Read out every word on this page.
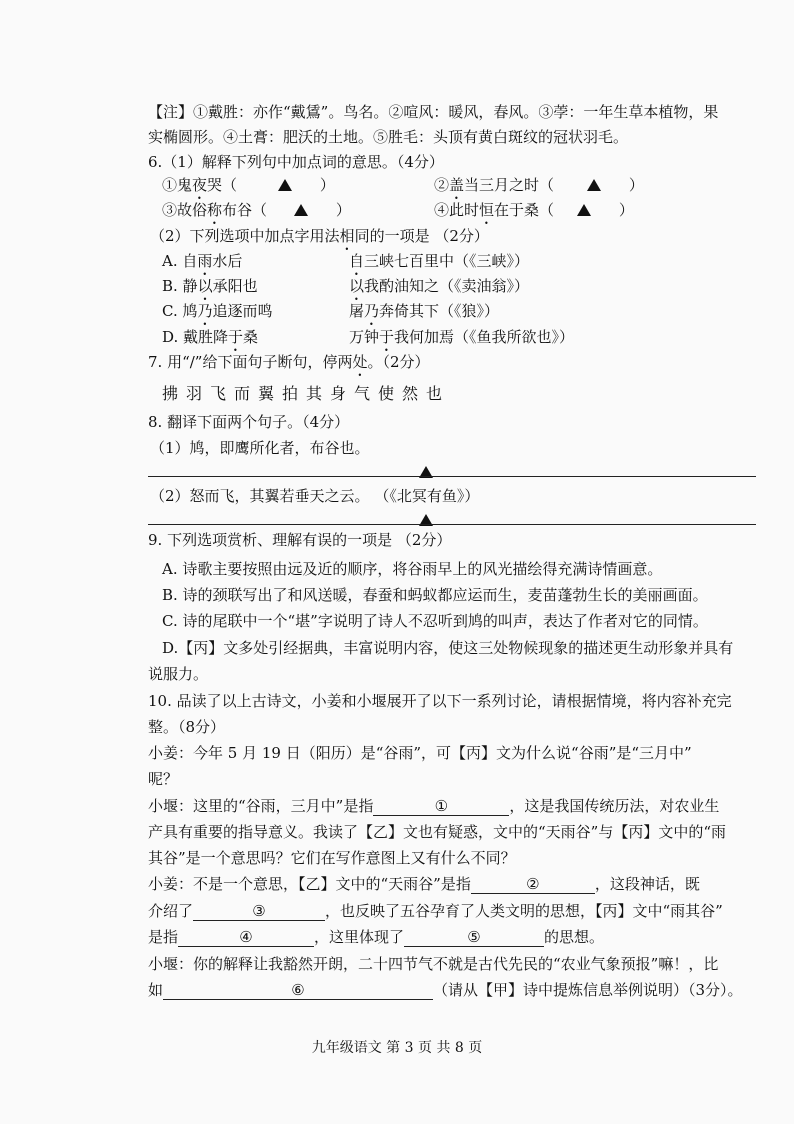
【注】①戴胜：亦作“戴鵀”。鸟名。②喧风：暖风，春风。③荸：一年生草本植物，果
实椭圆形。④土膏：肥沃的土地。⑤胜毛：头顶有黄白斑纹的冠状羽毛。
6.（1）解释下列句中加点词的意思。（4分）
①鬼夜哭（	）	②盖当三月之时（	）
③故俗称布谷（	）	④此时恒在于桑（	）
（2）下列选项中加点字用法相同的一项是 （2分）
A. 自雨水后	自三峡七百里中（《三峡》）
B. 静以承阳也	以我酌油知之（《卖油翁》）
C. 鸠乃追逐而鸣	屠乃奔倚其下（《狼》）
D. 戴胜降于桑	万钟于我何加焉（《鱼我所欲也》）
7. 用“/”给下面句子断句，停两处。（2分）
拂羽飞而翼拍其身气使然也
8. 翻译下面两个句子。（4分）
（1）鸠，即鹰所化者，布谷也。
（2）怒而飞，其翼若垂天之云。 （《北冥有鱼》）
9. 下列选项赏析、理解有误的一项是 （2分）
A. 诗歌主要按照由远及近的顺序，将谷雨早上的风光描绘得充满诗情画意。
B. 诗的颈联写出了和风送暖，春蚕和蚂蚁都应运而生，麦苗蓬勃生长的美丽画面。
C. 诗的尾联中一个“堪”字说明了诗人不忍听到鸠的叫声，表达了作者对它的同情。
D.【丙】文多处引经据典，丰富说明内容，使这三处物候现象的描述更生动形象并具有
说服力。
10. 品读了以上古诗文，小姜和小堰展开了以下一系列讨论，请根据情境，将内容补充完
整。（8分）
小姜：今年 5 月 19 日（阳历）是“谷雨”，可【丙】文为什么说“谷雨”是“三月中”
呢？
小堰：这里的“谷雨，三月中”是指	①	，这是我国传统历法，对农业生
产具有重要的指导意义。我读了【乙】文也有疑惑，文中的“天雨谷”与【丙】文中的“雨
其谷”是一个意思吗？它们在写作意图上又有什么不同？
小姜：不是一个意思，【乙】文中的“天雨谷”是指	②	，这段神话，既
介绍了	③	，也反映了五谷孕育了人类文明的思想，【丙】文中“雨其谷”
是指	④	，这里体现了	⑤	的思想。
小堰：你的解释让我豁然开朗，二十四节气不就是古代先民的“农业气象预报”嘛！，比
如	⑥	（请从【甲】诗中提炼信息举例说明）（3分）。
九年级语文 第 3 页 共 8 页
